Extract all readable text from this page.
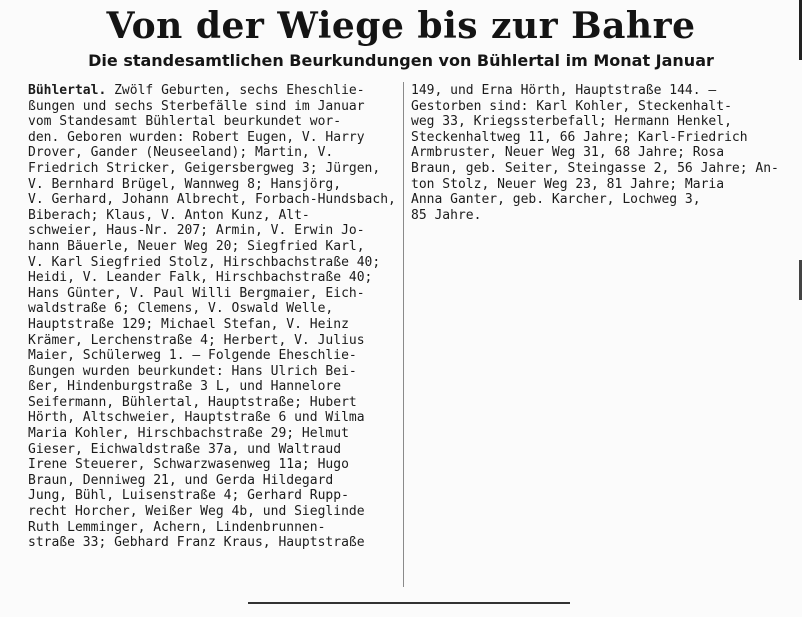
Von der Wiege bis zur Bahre
Die standesamtlichen Beurkundungen von Bühlertal im Monat Januar
Bühlertal. Zwölf Geburten, sechs Eheschlie-
ßungen und sechs Sterbefälle sind im Januar
vom Standesamt Bühlertal beurkundet wor-
den. Geboren wurden: Robert Eugen, V. Harry
Drover, Gander (Neuseeland); Martin, V.
Friedrich Stricker, Geigersbergweg 3; Jürgen,
V. Bernhard Brügel, Wannweg 8; Hansjörg,
V. Gerhard, Johann Albrecht, Forbach-Hundsbach,
Biberach; Klaus, V. Anton Kunz, Alt-
schweier, Haus-Nr. 207; Armin, V. Erwin Jo-
hann Bäuerle, Neuer Weg 20; Siegfried Karl,
V. Karl Siegfried Stolz, Hirschbachstraße 40;
Heidi, V. Leander Falk, Hirschbachstraße 40;
Hans Günter, V. Paul Willi Bergmaier, Eich-
waldstraße 6; Clemens, V. Oswald Welle,
Hauptstraße 129; Michael Stefan, V. Heinz
Krämer, Lerchenstraße 4; Herbert, V. Julius
Maier, Schülerweg 1. — Folgende Eheschlie-
ßungen wurden beurkundet: Hans Ulrich Bei-
ßer, Hindenburgstraße 3 L, und Hannelore
Seifermann, Bühlertal, Hauptstraße; Hubert
Hörth, Altschweier, Hauptstraße 6 und Wilma
Maria Kohler, Hirschbachstraße 29; Helmut
Gieser, Eichwaldstraße 37a, und Waltraud
Irene Steuerer, Schwarzwasenweg 11a; Hugo
Braun, Denniweg 21, und Gerda Hildegard
Jung, Bühl, Luisenstraße 4; Gerhard Rupp-
recht Horcher, Weißer Weg 4b, und Sieglinde
Ruth Lemminger, Achern, Lindenbrunnen-
straße 33; Gebhard Franz Kraus, Hauptstraße
149, und Erna Hörth, Hauptstraße 144. —
Gestorben sind: Karl Kohler, Steckenhalt-
weg 33, Kriegssterbefall; Hermann Henkel,
Steckenhaltweg 11, 66 Jahre; Karl-Friedrich
Armbruster, Neuer Weg 31, 68 Jahre; Rosa
Braun, geb. Seiter, Steingasse 2, 56 Jahre; An-
ton Stolz, Neuer Weg 23, 81 Jahre; Maria
Anna Ganter, geb. Karcher, Lochweg 3,
85 Jahre.
